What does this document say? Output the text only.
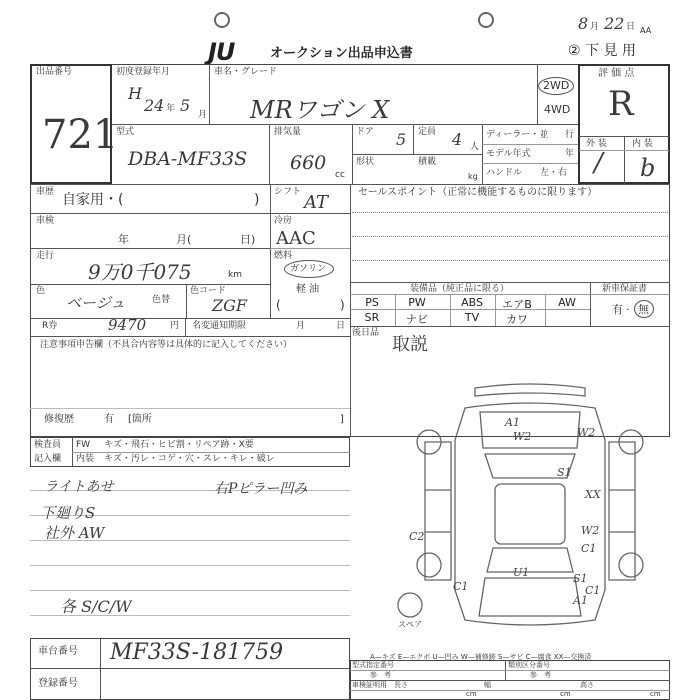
JU	オークション出品申込書
8 月 22 日 AA
② 下 見 用
出品番号
721
初度登録年月
H
24 年 5 月
車名・グレード
MRワゴン X
2WD
4WD
評 価 点
R
外 装	内 装
/ b
型式
DBA-MF33S
排気量
660
cc
ドア 5 定員 4 人
形状	積載
kg
ディーラー・並 行
モデル年式	年
ハンドル 左・右
車歴 自家用・(	) シフト AT	セールスポイント（正常に機能するものに限ります）
車検
年	月(	日)
冷房
AAC
走行
9万0千075	km
燃料
ガソリン
軽 油
(	)
色
ベージュ	色替
色コード
ZGF
装備品（純正品に限る）	新車保証書
PS	PW	ABS	エアB	AW
SR	ナビ	TV	カワ
有 · 無
R券	9470	円 名変通知期限	月	日
後日品
取説
注意事項申告欄（不具合内容等は具体的に記入してください）
修復歴	有 [箇所	]
検査員
記入欄
FW キズ・飛石・ヒビ割・リペア跡・X要
内装 キズ・汚レ・コゲ・穴・スレ・キレ・破レ
ライトあせ
下廻りS
社外 AW
右Pピラー凹み
各 S/C/W
A1
W2	W2
S1
XX
C2	W2
C1
C1
S1
C1
U1
A1
スペア
A—キズ E—エクボ U—凹み W—補修跡 S—サビ C—腐食 XX—交換済
車台番号 MF33S-181759
登録番号
型式指定番号
参　考
類別区分番号
参　考
車検証明用 長さ
cm
幅
cm
高さ
cm
